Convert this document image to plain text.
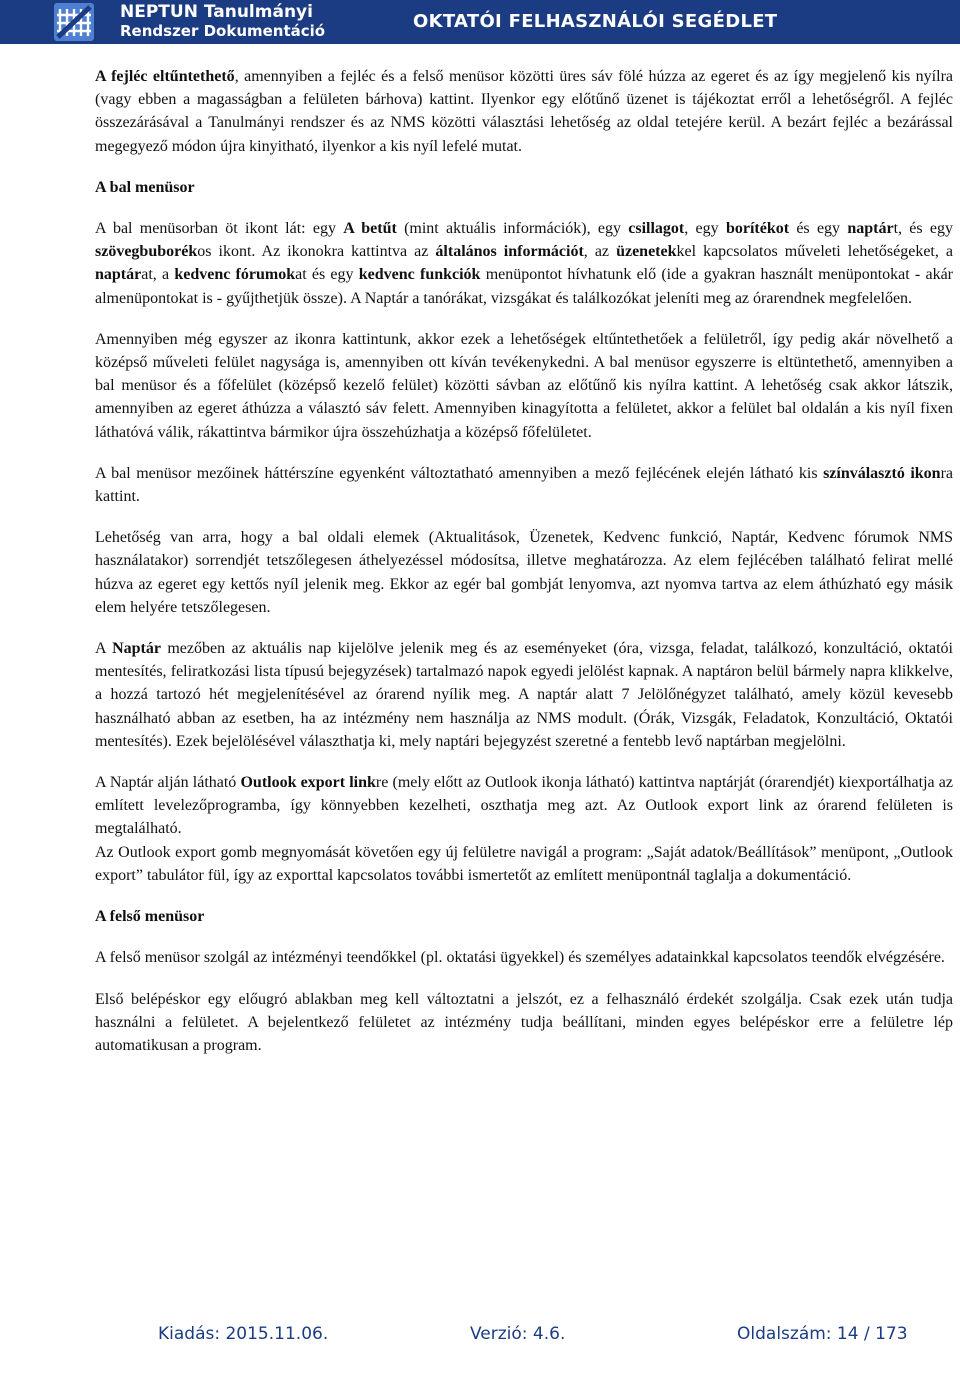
NEPTUN Tanulmányi
Rendszer Dokumentáció	OKTATÓI FELHASZNÁLÓI SEGÉDLET

A fejléc eltűntethető, amennyiben a fejléc és a felső menüsor közötti üres sáv fölé húzza az egeret és az így megjelenő kis nyílra (vagy ebben a magasságban a felületen bárhova) kattint. Ilyenkor egy előtűnő üzenet is tájékoztat erről a lehetőségről. A fejléc összezárásával a Tanulmányi rendszer és az NMS közötti választási lehetőség az oldal tetejére kerül. A bezárt fejléc a bezárással megegyező módon újra kinyitható, ilyenkor a kis nyíl lefelé mutat.

A bal menüsor

A bal menüsorban öt ikont lát: egy A betűt (mint aktuális információk), egy csillagot, egy borítékot és egy naptárt, és egy szövegbuborékos ikont. Az ikonokra kattintva az általános információt, az üzenetekkel kapcsolatos műveleti lehetőségeket, a naptárat, a kedvenc fórumokat és egy kedvenc funkciók menüpontot hívhatunk elő (ide a gyakran használt menüpontokat - akár almenüpontokat is - gyűjthetjük össze). A Naptár a tanórákat, vizsgákat és találkozókat jeleníti meg az órarendnek megfelelően.

Amennyiben még egyszer az ikonra kattintunk, akkor ezek a lehetőségek eltűntethetőek a felületről, így pedig akár növelhető a középső műveleti felület nagysága is, amennyiben ott kíván tevékenykedni. A bal menüsor egyszerre is eltüntethető, amennyiben a bal menüsor és a főfelület (középső kezelő felület) közötti sávban az előtűnő kis nyílra kattint. A lehetőség csak akkor látszik, amennyiben az egeret áthúzza a választó sáv felett. Amennyiben kinagyította a felületet, akkor a felület bal oldalán a kis nyíl fixen láthatóvá válik, rákattintva bármikor újra összehúzhatja a középső főfelületet.

A bal menüsor mezőinek háttérszíne egyenként változtatható amennyiben a mező fejlécének elején látható kis színválasztó ikonra kattint.

Lehetőség van arra, hogy a bal oldali elemek (Aktualitások, Üzenetek, Kedvenc funkció, Naptár, Kedvenc fórumok NMS használatakor) sorrendjét tetszőlegesen áthelyezéssel módosítsa, illetve meghatározza. Az elem fejlécében található felirat mellé húzva az egeret egy kettős nyíl jelenik meg. Ekkor az egér bal gombját lenyomva, azt nyomva tartva az elem áthúzható egy másik elem helyére tetszőlegesen.

A Naptár mezőben az aktuális nap kijelölve jelenik meg és az eseményeket (óra, vizsga, feladat, találkozó, konzultáció, oktatói mentesítés, feliratkozási lista típusú bejegyzések) tartalmazó napok egyedi jelölést kapnak. A naptáron belül bármely napra klikkelve, a hozzá tartozó hét megjelenítésével az órarend nyílik meg. A naptár alatt 7 Jelölőnégyzet található, amely közül kevesebb használható abban az esetben, ha az intézmény nem használja az NMS modult. (Órák, Vizsgák, Feladatok, Konzultáció, Oktatói mentesítés). Ezek bejelölésével választhatja ki, mely naptári bejegyzést szeretné a fentebb levő naptárban megjelölni.

A Naptár alján látható Outlook export linkre (mely előtt az Outlook ikonja látható) kattintva naptárját (órarendjét) kiexportálhatja az említett levelezőprogramba, így könnyebben kezelheti, oszthatja meg azt. Az Outlook export link az órarend felületen is megtalálható.

Az Outlook export gomb megnyomását követően egy új felületre navigál a program: „Saját adatok/Beállítások” menüpont, „Outlook export” tabulátor fül, így az exporttal kapcsolatos további ismertetőt az említett menüpontnál taglalja a dokumentáció.

A felső menüsor

A felső menüsor szolgál az intézményi teendőkkel (pl. oktatási ügyekkel) és személyes adatainkkal kapcsolatos teendők elvégzésére.

Első belépéskor egy előugró ablakban meg kell változtatni a jelszót, ez a felhasználó érdekét szolgálja. Csak ezek után tudja használni a felületet. A bejelentkező felületet az intézmény tudja beállítani, minden egyes belépéskor erre a felületre lép automatikusan a program.

Kiadás: 2015.11.06.	Verzió: 4.6.	Oldalszám: 14 / 173
